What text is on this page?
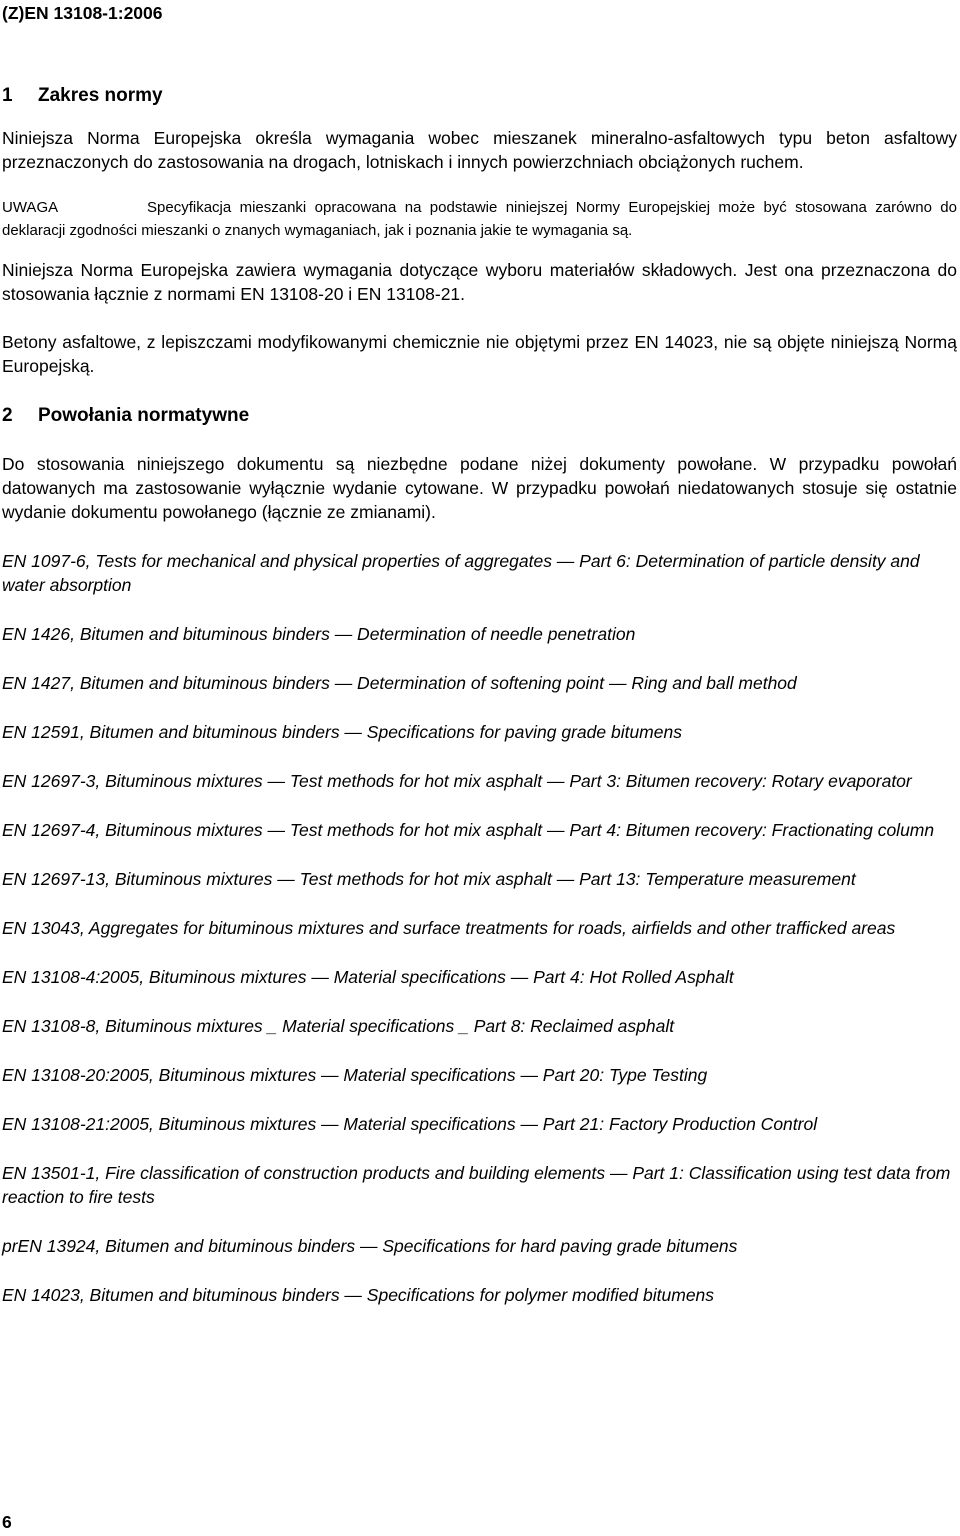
(Z)EN 13108-1:2006
1 Zakres normy

Niniejsza Norma Europejska określa wymagania wobec mieszanek mineralno-asfaltowych typu beton asfaltowy przeznaczonych do zastosowania na drogach, lotniskach i innych powierzchniach obciążonych ruchem.

UWAGA	Specyfikacja mieszanki opracowana na podstawie niniejszej Normy Europejskiej może być stosowana zarówno do deklaracji zgodności mieszanki o znanych wymaganiach, jak i poznania jakie te wymagania są.

Niniejsza Norma Europejska zawiera wymagania dotyczące wyboru materiałów składowych. Jest ona przeznaczona do stosowania łącznie z normami EN 13108-20 i EN 13108-21.

Betony asfaltowe, z lepiszczami modyfikowanymi chemicznie nie objętymi przez EN 14023, nie są objęte niniejszą Normą Europejską.

2 Powołania normatywne

Do stosowania niniejszego dokumentu są niezbędne podane niżej dokumenty powołane. W przypadku powołań datowanych ma zastosowanie wyłącznie wydanie cytowane. W przypadku powołań niedatowanych stosuje się ostatnie wydanie dokumentu powołanego (łącznie ze zmianami).

EN 1097-6, Tests for mechanical and physical properties of aggregates — Part 6: Determination of particle density and water absorption
EN 1426, Bitumen and bituminous binders — Determination of needle penetration
EN 1427, Bitumen and bituminous binders — Determination of softening point — Ring and ball method
EN 12591, Bitumen and bituminous binders — Specifications for paving grade bitumens
EN 12697-3, Bituminous mixtures — Test methods for hot mix asphalt — Part 3: Bitumen recovery: Rotary evaporator
EN 12697-4, Bituminous mixtures — Test methods for hot mix asphalt — Part 4: Bitumen recovery: Fractionating column
EN 12697-13, Bituminous mixtures — Test methods for hot mix asphalt — Part 13: Temperature measurement
EN 13043, Aggregates for bituminous mixtures and surface treatments for roads, airfields and other trafficked areas
EN 13108-4:2005, Bituminous mixtures — Material specifications — Part 4: Hot Rolled Asphalt
EN 13108-8, Bituminous mixtures _ Material specifications _ Part 8: Reclaimed asphalt
EN 13108-20:2005, Bituminous mixtures — Material specifications — Part 20: Type Testing
EN 13108-21:2005, Bituminous mixtures — Material specifications — Part 21: Factory Production Control
EN 13501-1, Fire classification of construction products and building elements — Part 1: Classification using test data from reaction to fire tests
prEN 13924, Bitumen and bituminous binders — Specifications for hard paving grade bitumens
EN 14023, Bitumen and bituminous binders — Specifications for polymer modified bitumens
6
